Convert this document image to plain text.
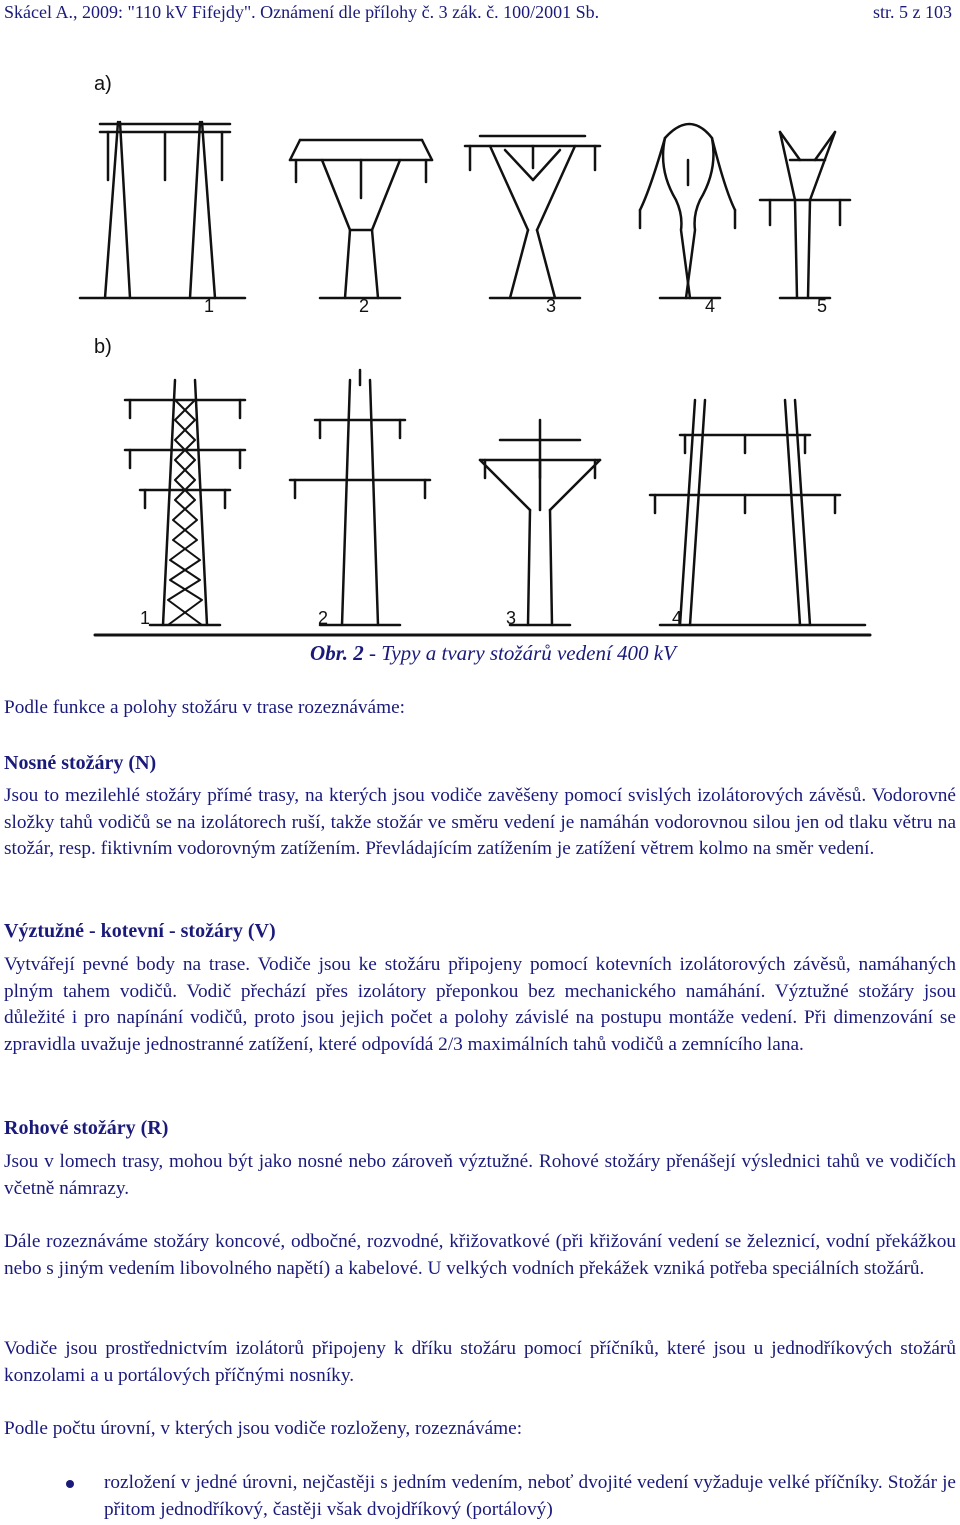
Skácel A., 2009: "110 kV Fifejdy". Oznámení dle přílohy č. 3 zák. č. 100/2001 Sb.	str. 5 z 103
a)
b)
1	2	3	4	5
1	2	3	4
Obr. 2 - Typy a tvary stožárů vedení 400 kV
Podle funkce a polohy stožáru v trase rozeznáváme:
Nosné stožáry (N)
Jsou to mezilehlé stožáry přímé trasy, na kterých jsou vodiče zavěšeny pomocí svislých izolátorových závěsů. Vodorovné složky tahů vodičů se na izolátorech ruší, takže stožár ve směru vedení je namáhán vodorovnou silou jen od tlaku větru na stožár, resp. fiktivním vodorovným zatížením. Převládajícím zatížením je zatížení větrem kolmo na směr vedení.
Výztužné - kotevní - stožáry (V)
Vytvářejí pevné body na trase. Vodiče jsou ke stožáru připojeny pomocí kotevních izolátorových závěsů, namáhaných plným tahem vodičů. Vodič přechází přes izolátory přeponkou bez mechanického namáhání. Výztužné stožáry jsou důležité i pro napínání vodičů, proto jsou jejich počet a polohy závislé na postupu montáže vedení. Při dimenzování se zpravidla uvažuje jednostranné zatížení, které odpovídá 2/3 maximálních tahů vodičů a zemnícího lana.
Rohové stožáry (R)
Jsou v lomech trasy, mohou být jako nosné nebo zároveň výztužné. Rohové stožáry přenášejí výslednici tahů ve vodičích včetně námrazy.
Dále rozeznáváme stožáry koncové, odbočné, rozvodné, křižovatkové (při křižování vedení se železnicí, vodní překážkou nebo s jiným vedením libovolného napětí) a kabelové. U velkých vodních překážek vzniká potřeba speciálních stožárů.
Vodiče jsou prostřednictvím izolátorů připojeny k dříku stožáru pomocí příčníků, které jsou u jednodříkových stožárů konzolami a u portálových příčnými nosníky.
Podle počtu úrovní, v kterých jsou vodiče rozloženy, rozeznáváme:
rozložení v jedné úrovni, nejčastěji s jedním vedením, neboť dvojité vedení vyžaduje velké příčníky. Stožár je přitom jednodříkový, častěji však dvojdříkový (portálový)
